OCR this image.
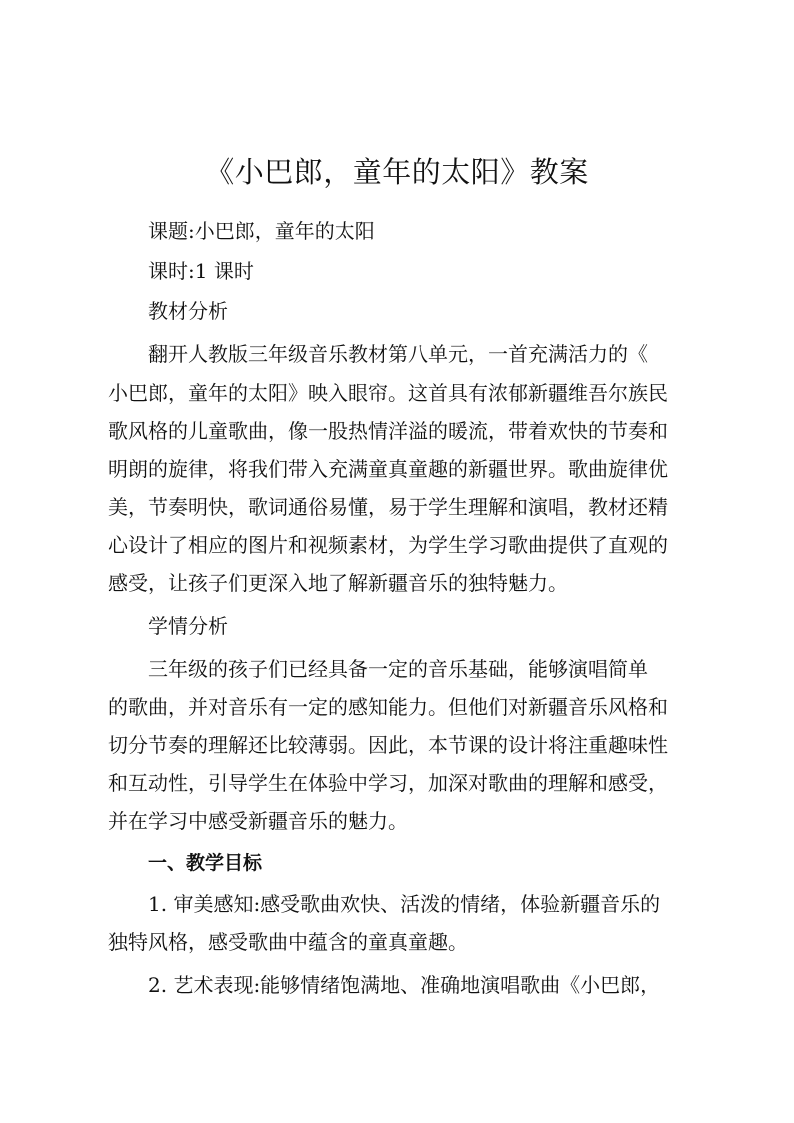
《小巴郎，童年的太阳》教案
课题:小巴郎，童年的太阳
课时:1 课时
教材分析
翻开人教版三年级音乐教材第八单元，一首充满活力的《
小巴郎，童年的太阳》映入眼帘。这首具有浓郁新疆维吾尔族民
歌风格的儿童歌曲，像一股热情洋溢的暖流，带着欢快的节奏和
明朗的旋律，将我们带入充满童真童趣的新疆世界。歌曲旋律优
美，节奏明快，歌词通俗易懂，易于学生理解和演唱，教材还精
心设计了相应的图片和视频素材，为学生学习歌曲提供了直观的
感受，让孩子们更深入地了解新疆音乐的独特魅力。
学情分析
三年级的孩子们已经具备一定的音乐基础，能够演唱简单
的歌曲，并对音乐有一定的感知能力。但他们对新疆音乐风格和
切分节奏的理解还比较薄弱。因此，本节课的设计将注重趣味性
和互动性，引导学生在体验中学习，加深对歌曲的理解和感受，
并在学习中感受新疆音乐的魅力。
一、教学目标
1. 审美感知:感受歌曲欢快、活泼的情绪，体验新疆音乐的
独特风格，感受歌曲中蕴含的童真童趣。
2. 艺术表现:能够情绪饱满地、准确地演唱歌曲《小巴郎，
